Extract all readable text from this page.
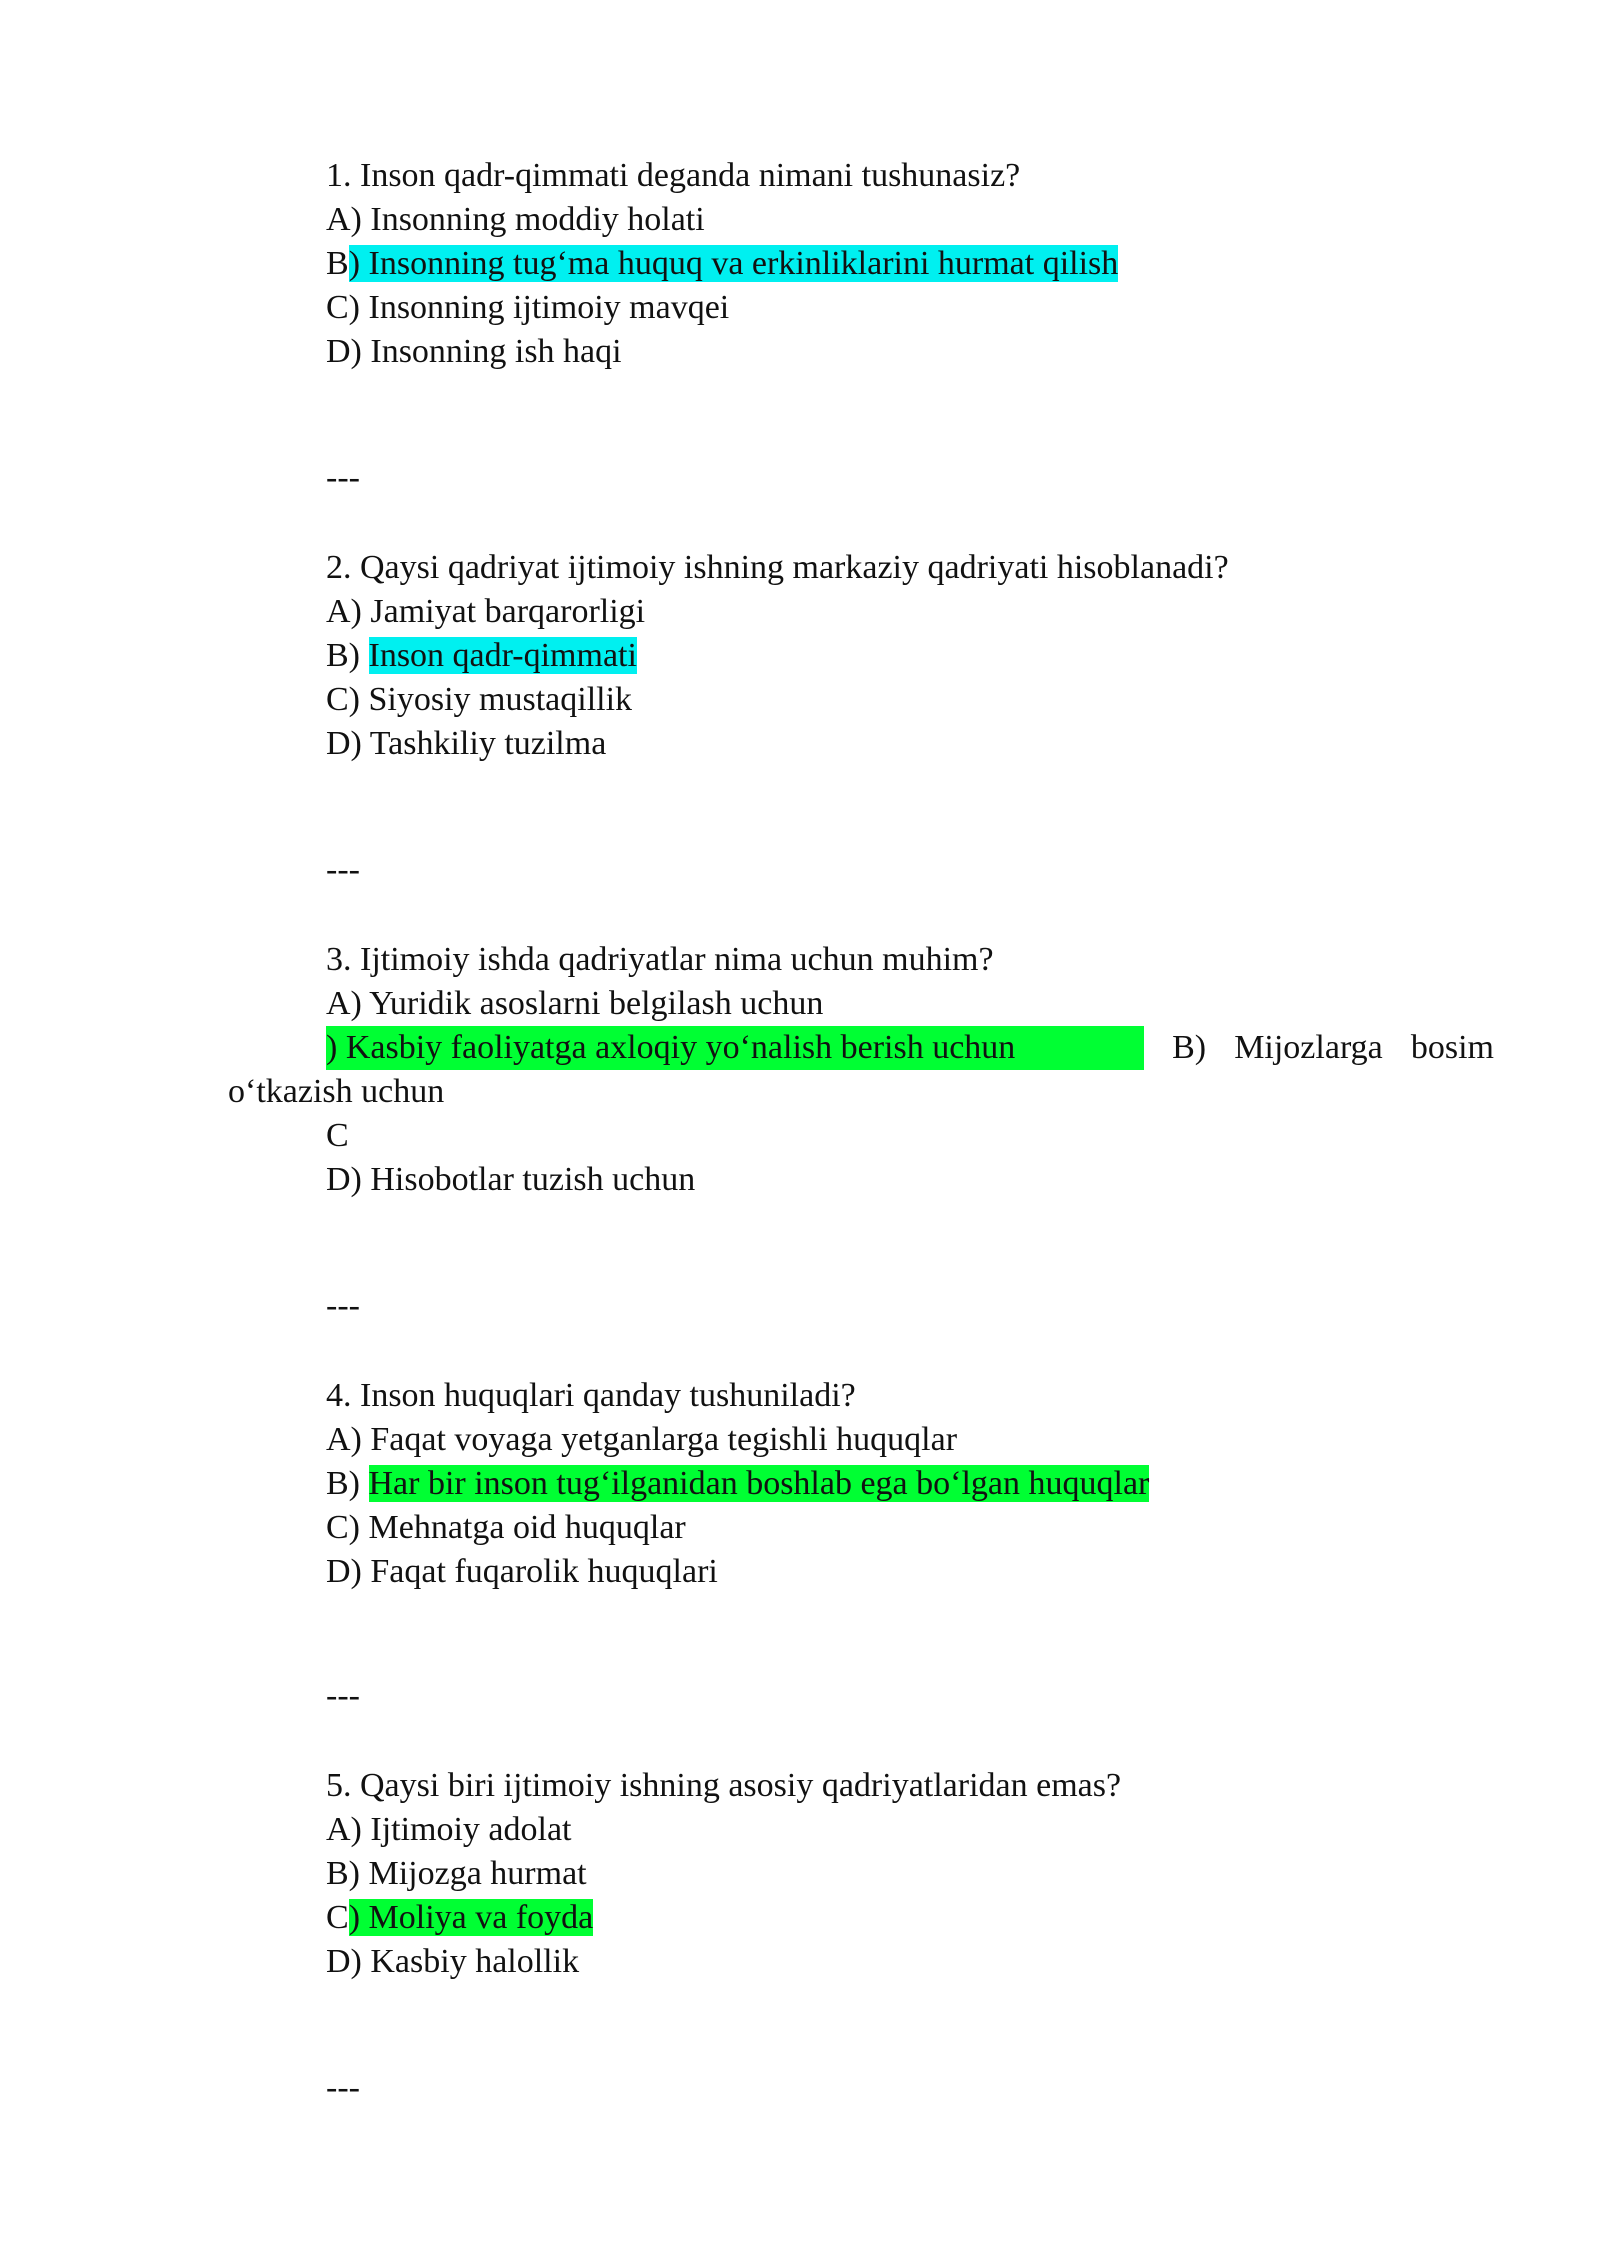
1. Inson qadr-qimmati deganda nimani tushunasiz?
A) Insonning moddiy holati
B) Insonning tug‘ma huquq va erkinliklarini hurmat qilish
C) Insonning ijtimoiy mavqei
D) Insonning ish haqi
---
2. Qaysi qadriyat ijtimoiy ishning markaziy qadriyati hisoblanadi?
A) Jamiyat barqarorligi
B) Inson qadr-qimmati
C) Siyosiy mustaqillik
D) Tashkiliy tuzilma
---
3. Ijtimoiy ishda qadriyatlar nima uchun muhim?
A) Yuridik asoslarni belgilash uchun
) Kasbiy faoliyatga axloqiy yo‘nalish berish uchun	B) Mijozlarga bosim
o‘tkazish uchun
C
D) Hisobotlar tuzish uchun
---
4. Inson huquqlari qanday tushuniladi?
A) Faqat voyaga yetganlarga tegishli huquqlar
B) Har bir inson tug‘ilganidan boshlab ega bo‘lgan huquqlar
C) Mehnatga oid huquqlar
D) Faqat fuqarolik huquqlari
---
5. Qaysi biri ijtimoiy ishning asosiy qadriyatlaridan emas?
A) Ijtimoiy adolat
B) Mijozga hurmat
C) Moliya va foyda
D) Kasbiy halollik
---
